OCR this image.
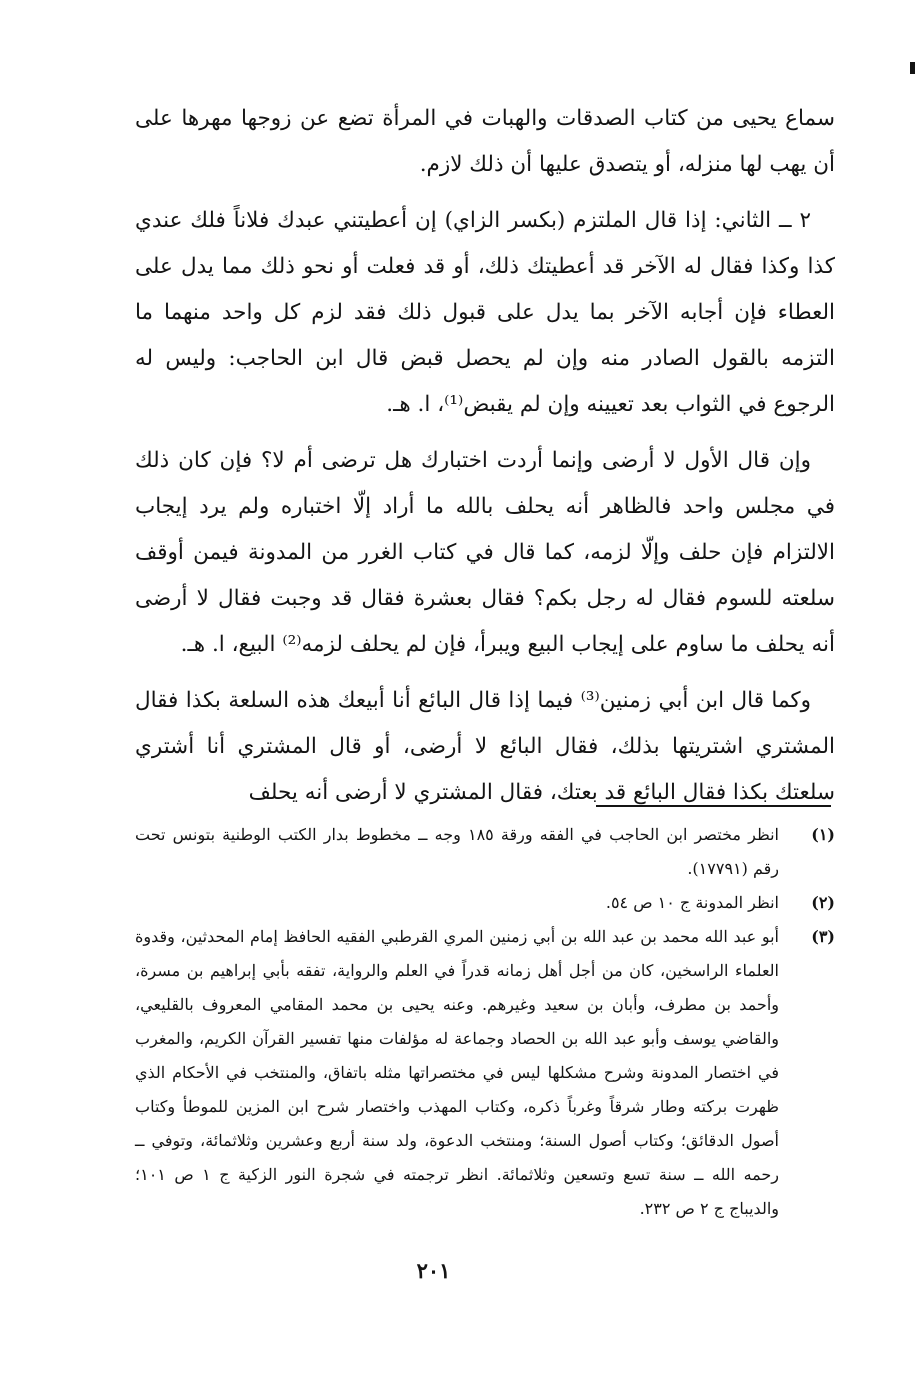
سماع يحيى من كتاب الصدقات والهبات في المرأة تضع عن زوجها مهرها على أن يهب لها منزله، أو يتصدق عليها أن ذلك لازم.

٢ ــ الثاني: إذا قال الملتزم (بكسر الزاي) إن أعطيتني عبدك فلاناً فلك عندي كذا وكذا فقال له الآخر قد أعطيتك ذلك، أو قد فعلت أو نحو ذلك مما يدل على العطاء فإن أجابه الآخر بما يدل على قبول ذلك فقد لزم كل واحد منهما ما التزمه بالقول الصادر منه وإن لم يحصل قبض قال ابن الحاجب: وليس له الرجوع في الثواب بعد تعيينه وإن لم يقبض⁽¹⁾، ا. هـ.

وإن قال الأول لا أرضى وإنما أردت اختبارك هل ترضى أم لا؟ فإن كان ذلك في مجلس واحد فالظاهر أنه يحلف بالله ما أراد إلّا اختباره ولم يرد إيجاب الالتزام فإن حلف وإلّا لزمه، كما قال في كتاب الغرر من المدونة فيمن أوقف سلعته للسوم فقال له رجل بكم؟ فقال بعشرة فقال قد وجبت فقال لا أرضى أنه يحلف ما ساوم على إيجاب البيع ويبرأ، فإن لم يحلف لزمه⁽²⁾ البيع، ا. هـ.

وكما قال ابن أبي زمنين⁽³⁾ فيما إذا قال البائع أنا أبيعك هذه السلعة بكذا فقال المشتري اشتريتها بذلك، فقال البائع لا أرضى، أو قال المشتري أنا أشتري سلعتك بكذا فقال البائع قد بعتك، فقال المشتري لا أرضى أنه يحلف

(١)
انظر مختصر ابن الحاجب في الفقه ورقة ١٨٥ وجه ــ مخطوط بدار الكتب الوطنية بتونس تحت رقم (١٧٧٩١).
(٢)
انظر المدونة ج ١٠ ص ٥٤.
(٣)
أبو عبد الله محمد بن عبد الله بن أبي زمنين المري القرطبي الفقيه الحافظ إمام المحدثين، وقدوة العلماء الراسخين، كان من أجل أهل زمانه قدراً في العلم والرواية، تفقه بأبي إبراهيم بن مسرة، وأحمد بن مطرف، وأبان بن سعيد وغيرهم. وعنه يحيى بن محمد المقامي المعروف بالقليعي، والقاضي يوسف وأبو عبد الله بن الحصاد وجماعة له مؤلفات منها تفسير القرآن الكريم، والمغرب في اختصار المدونة وشرح مشكلها ليس في مختصراتها مثله باتفاق، والمنتخب في الأحكام الذي ظهرت بركته وطار شرقاً وغرباً ذكره، وكتاب المهذب واختصار شرح ابن المزين للموطأ وكتاب أصول الدقائق؛ وكتاب أصول السنة؛ ومنتخب الدعوة، ولد سنة أربع وعشرين وثلاثمائة، وتوفي ــ رحمه الله ــ سنة تسع وتسعين وثلاثمائة. انظر ترجمته في شجرة النور الزكية ج ١ ص ١٠١؛ والديباج ج ٢ ص ٢٣٢.
٢٠١
